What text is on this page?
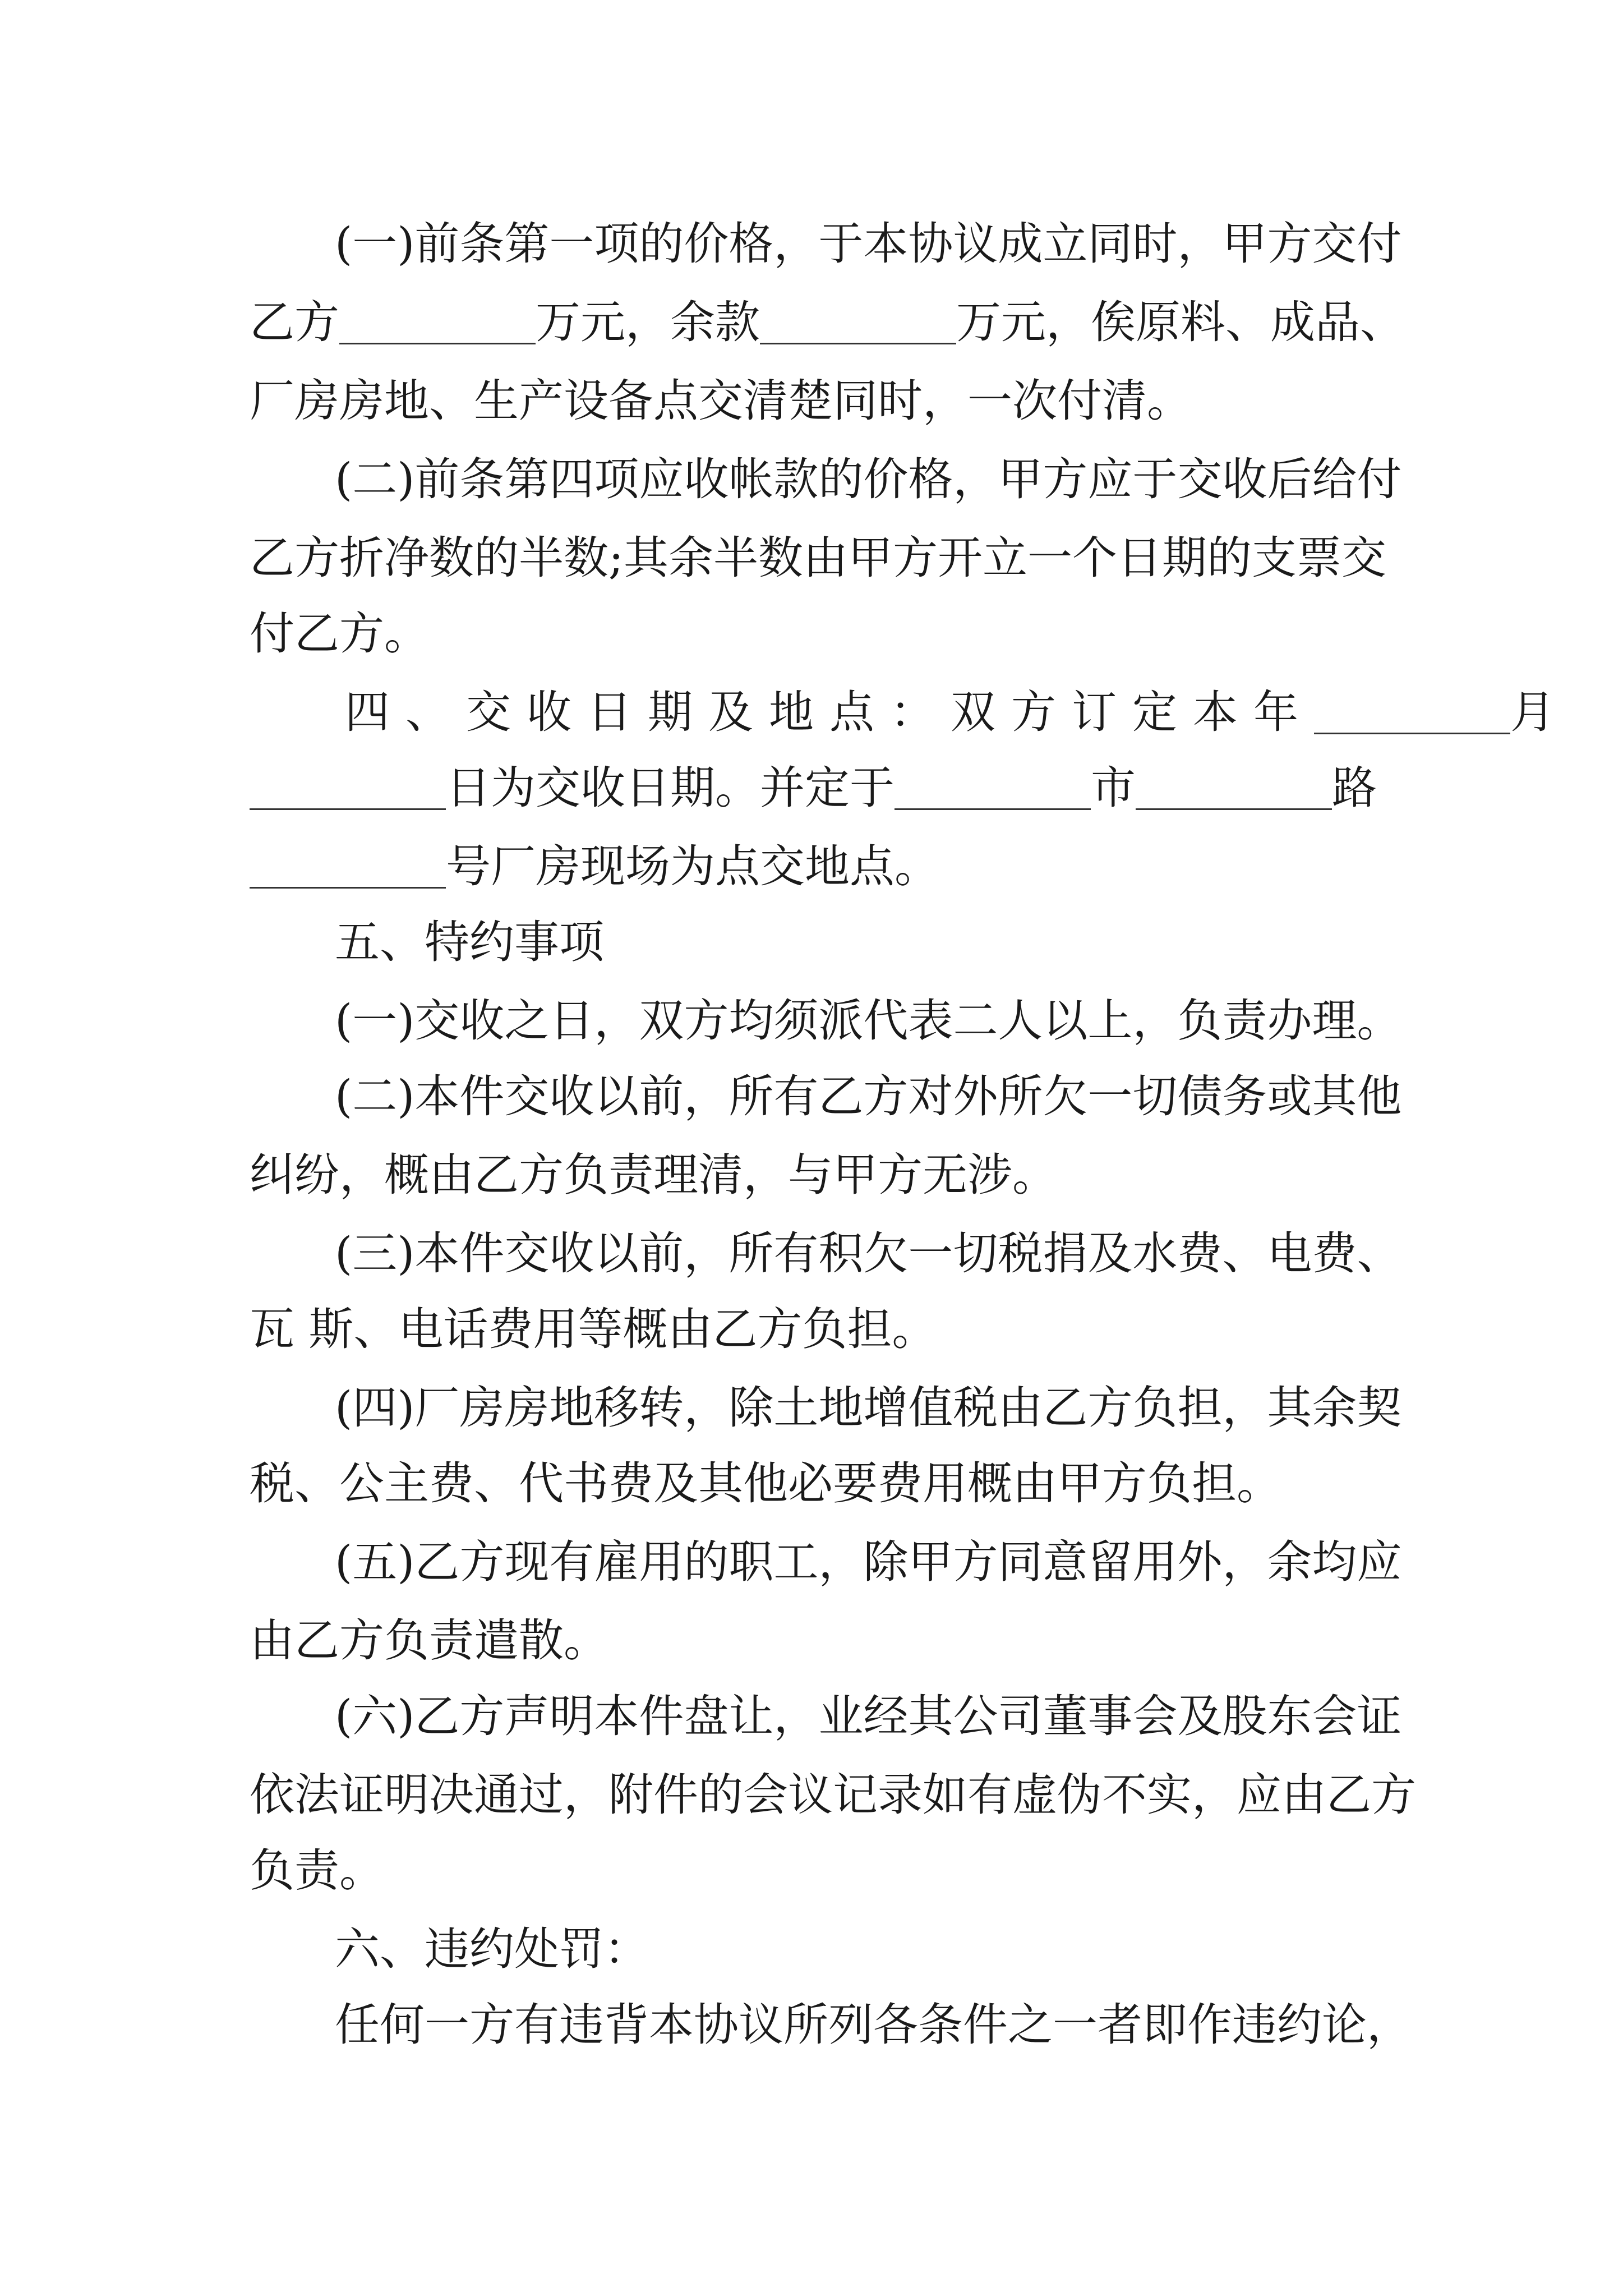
(一)前条第一项的价格，于本协议成立同时，甲方交付

乙方	万元，余款	万元，俟原料、成品、

厂房房地、生产设备点交清楚同时，一次付清。

(二)前条第四项应收帐款的价格，甲方应于交收后给付

乙方折净数的半数;其余半数由甲方开立一个日期的支票交

付乙方。

四、交收日期及地点：双方订定本年	月

日为交收日期。并定于	市	路

号厂房现场为点交地点。

五、特约事项

(一)交收之日，双方均须派代表二人以上，负责办理。

(二)本件交收以前，所有乙方对外所欠一切债务或其他

纠纷，概由乙方负责理清，与甲方无涉。

(三)本件交收以前，所有积欠一切税捐及水费、电费、

瓦 斯、电话费用等概由乙方负担。

(四)厂房房地移转，除土地增值税由乙方负担，其余契

税、公主费、代书费及其他必要费用概由甲方负担。

(五)乙方现有雇用的职工，除甲方同意留用外，余均应

由乙方负责遣散。

(六)乙方声明本件盘让，业经其公司董事会及股东会证

依法证明决通过，附件的会议记录如有虚伪不实，应由乙方

负责。

六、违约处罚：

任何一方有违背本协议所列各条件之一者即作违约论，
